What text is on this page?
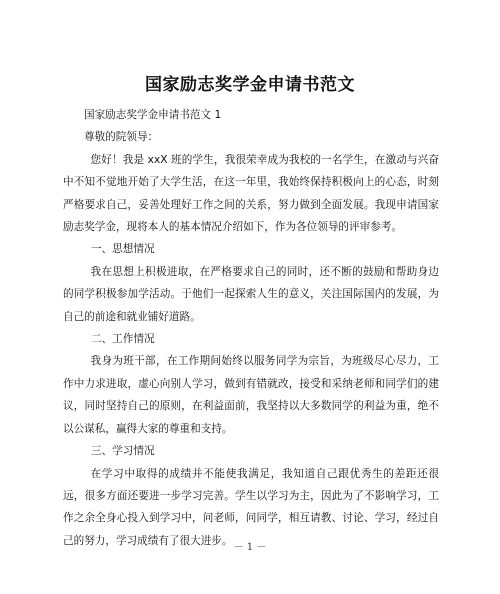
国家励志奖学金申请书范文

国家励志奖学金申请书范文 1

尊敬的院领导：

您好！我是 xxX 班的学生，我很荣幸成为我校的一名学生，在激动与兴奋中不知不觉地开始了大学生活，在这一年里，我始终保持积极向上的心态，时刻严格要求自己，妥善处理好工作之间的关系，努力做到全面发展。我现申请国家励志奖学金，现将本人的基本情况介绍如下，作为各位领导的评审参考。

一、思想情况

我在思想上积极进取，在严格要求自己的同时，还不断的鼓励和帮助身边的同学积极参加学活动。于他们一起探索人生的意义，关注国际国内的发展，为自己的前途和就业铺好道路。

二、工作情况

我身为班干部，在工作期间始终以服务同学为宗旨，为班级尽心尽力，工作中力求进取，虚心向别人学习，做到有错就改，接受和采纳老师和同学们的建议，同时坚持自己的原则，在利益面前，我坚持以大多数同学的利益为重，绝不以公谋私，赢得大家的尊重和支持。

三、学习情况

在学习中取得的成绩并不能使我满足，我知道自己跟优秀生的差距还很远，很多方面还要进一步学习完善。学生以学习为主，因此为了不影响学习，工作之余全身心投入到学习中，问老师，问同学，相互请教、讨论、学习，经过自己的努力，学习成绩有了很大进步。

－ 1 －
